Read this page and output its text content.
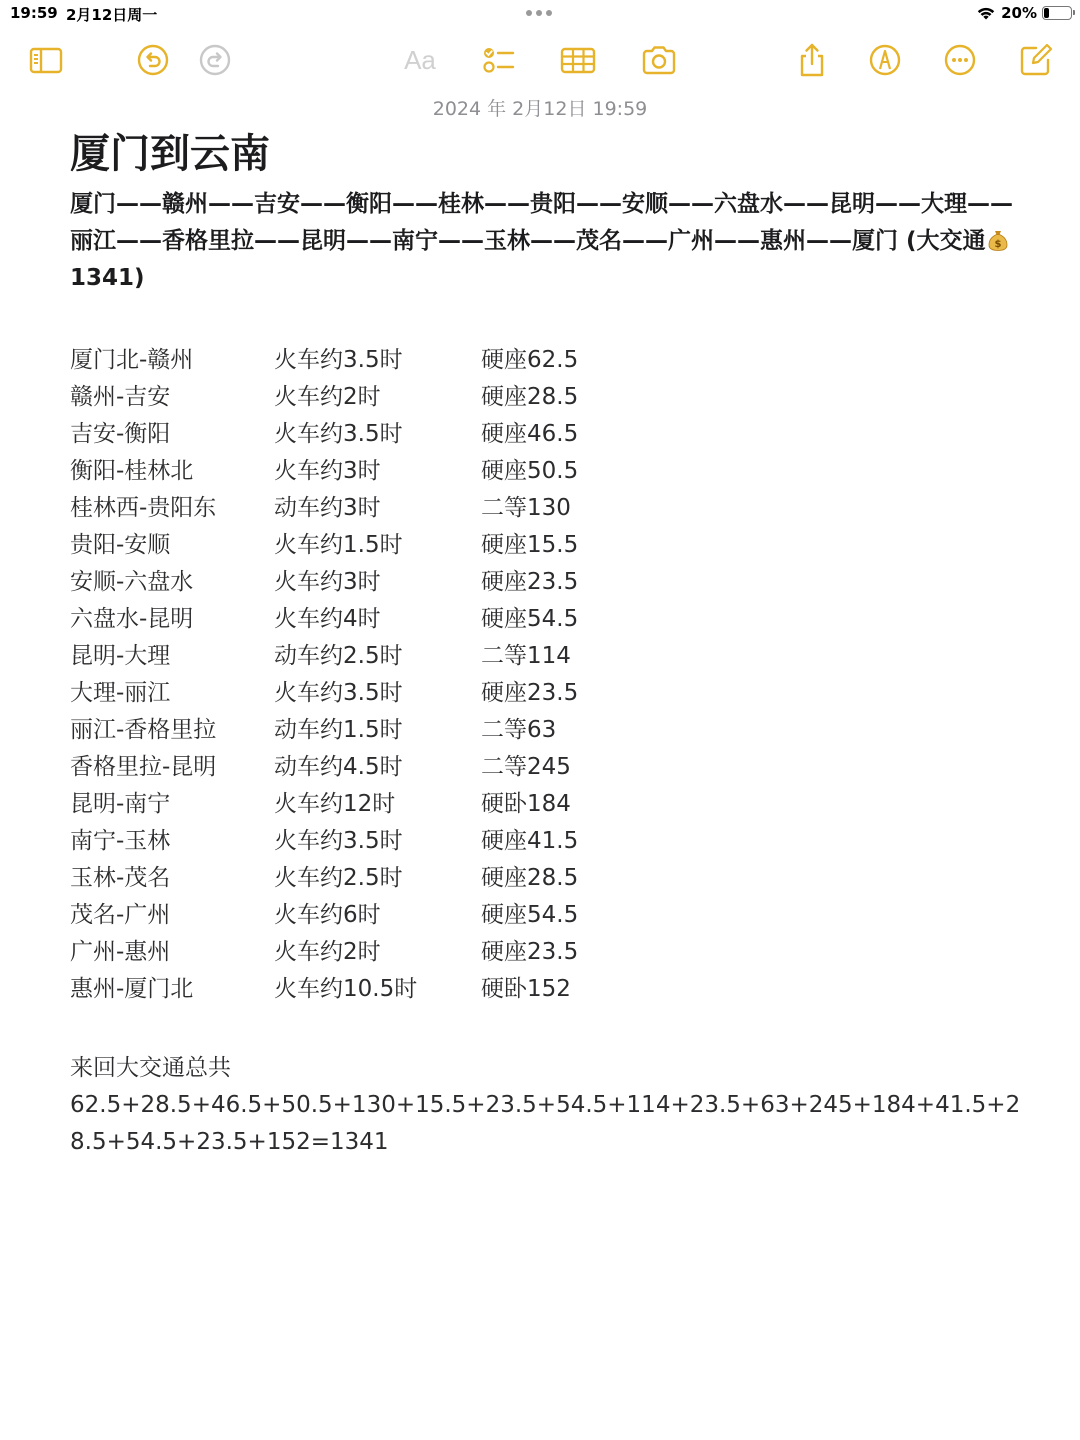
19:59 2月12日周一	20%
Aa
2024 年 2月12日 19:59
厦门到云南
厦门——赣州——吉安——衡阳——桂林——贵阳——安顺——六盘水——昆明——大理——丽江——香格里拉——昆明——南宁——玉林——茂名——广州——惠州——厦门 (大交通 $
1341)
厦门北-赣州	火车约3.5时	硬座62.5
赣州-吉安	火车约2时	硬座28.5
吉安-衡阳	火车约3.5时	硬座46.5
衡阳-桂林北	火车约3时	硬座50.5
桂林西-贵阳东	动车约3时	二等130
贵阳-安顺	火车约1.5时	硬座15.5
安顺-六盘水	火车约3时	硬座23.5
六盘水-昆明	火车约4时	硬座54.5
昆明-大理	动车约2.5时	二等114
大理-丽江	火车约3.5时	硬座23.5
丽江-香格里拉	动车约1.5时	二等63
香格里拉-昆明	动车约4.5时	二等245
昆明-南宁	火车约12时	硬卧184
南宁-玉林	火车约3.5时	硬座41.5
玉林-茂名	火车约2.5时	硬座28.5
茂名-广州	火车约6时	硬座54.5
广州-惠州	火车约2时	硬座23.5
惠州-厦门北	火车约10.5时	硬卧152
来回大交通总共
62.5+28.5+46.5+50.5+130+15.5+23.5+54.5+114+23.5+63+245+184+41.5+28.5+54.5+23.5+152=1341
